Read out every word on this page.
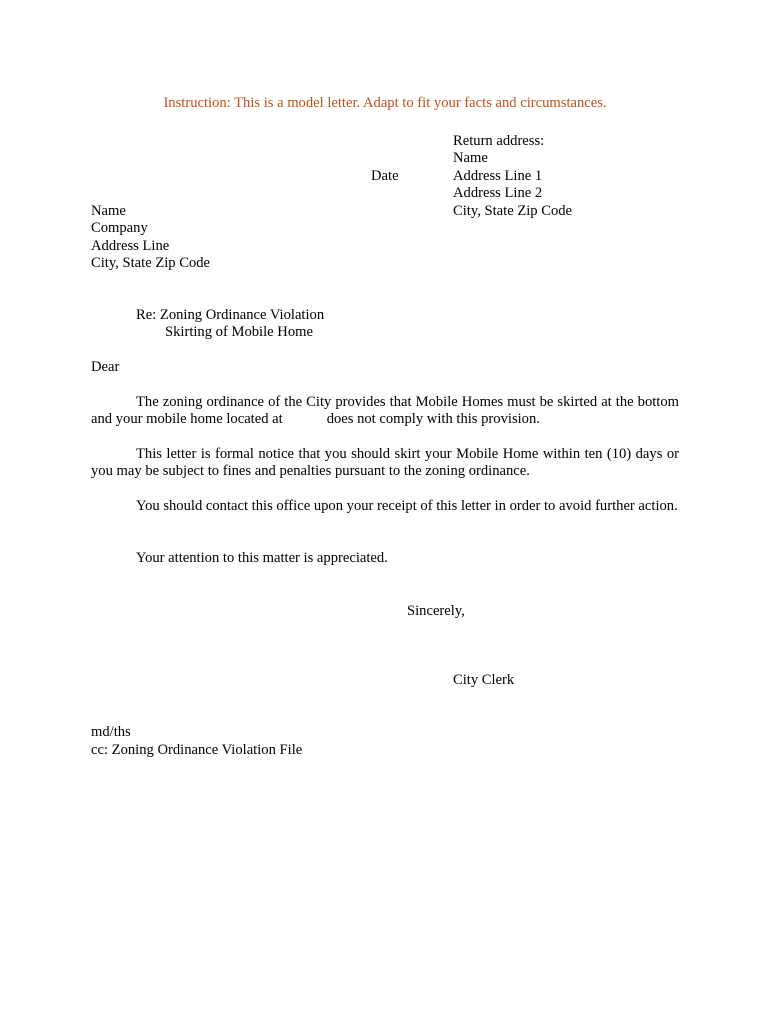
Instruction: This is a model letter. Adapt to fit your facts and circumstances.
Return address:
Name
Address Line 1
Address Line 2
City, State Zip Code
Date
Name
Company
Address Line
City, State Zip Code
Re: Zoning Ordinance Violation
Skirting of Mobile Home
Dear
The zoning ordinance of the City provides that Mobile Homes must be skirted at the bottom and your mobile home located at	does not comply with this provision.
This letter is formal notice that you should skirt your Mobile Home within ten (10) days or you may be subject to fines and penalties pursuant to the zoning ordinance.
You should contact this office upon your receipt of this letter in order to avoid further action.
Your attention to this matter is appreciated.
Sincerely,
City Clerk
md/ths
cc: Zoning Ordinance Violation File
